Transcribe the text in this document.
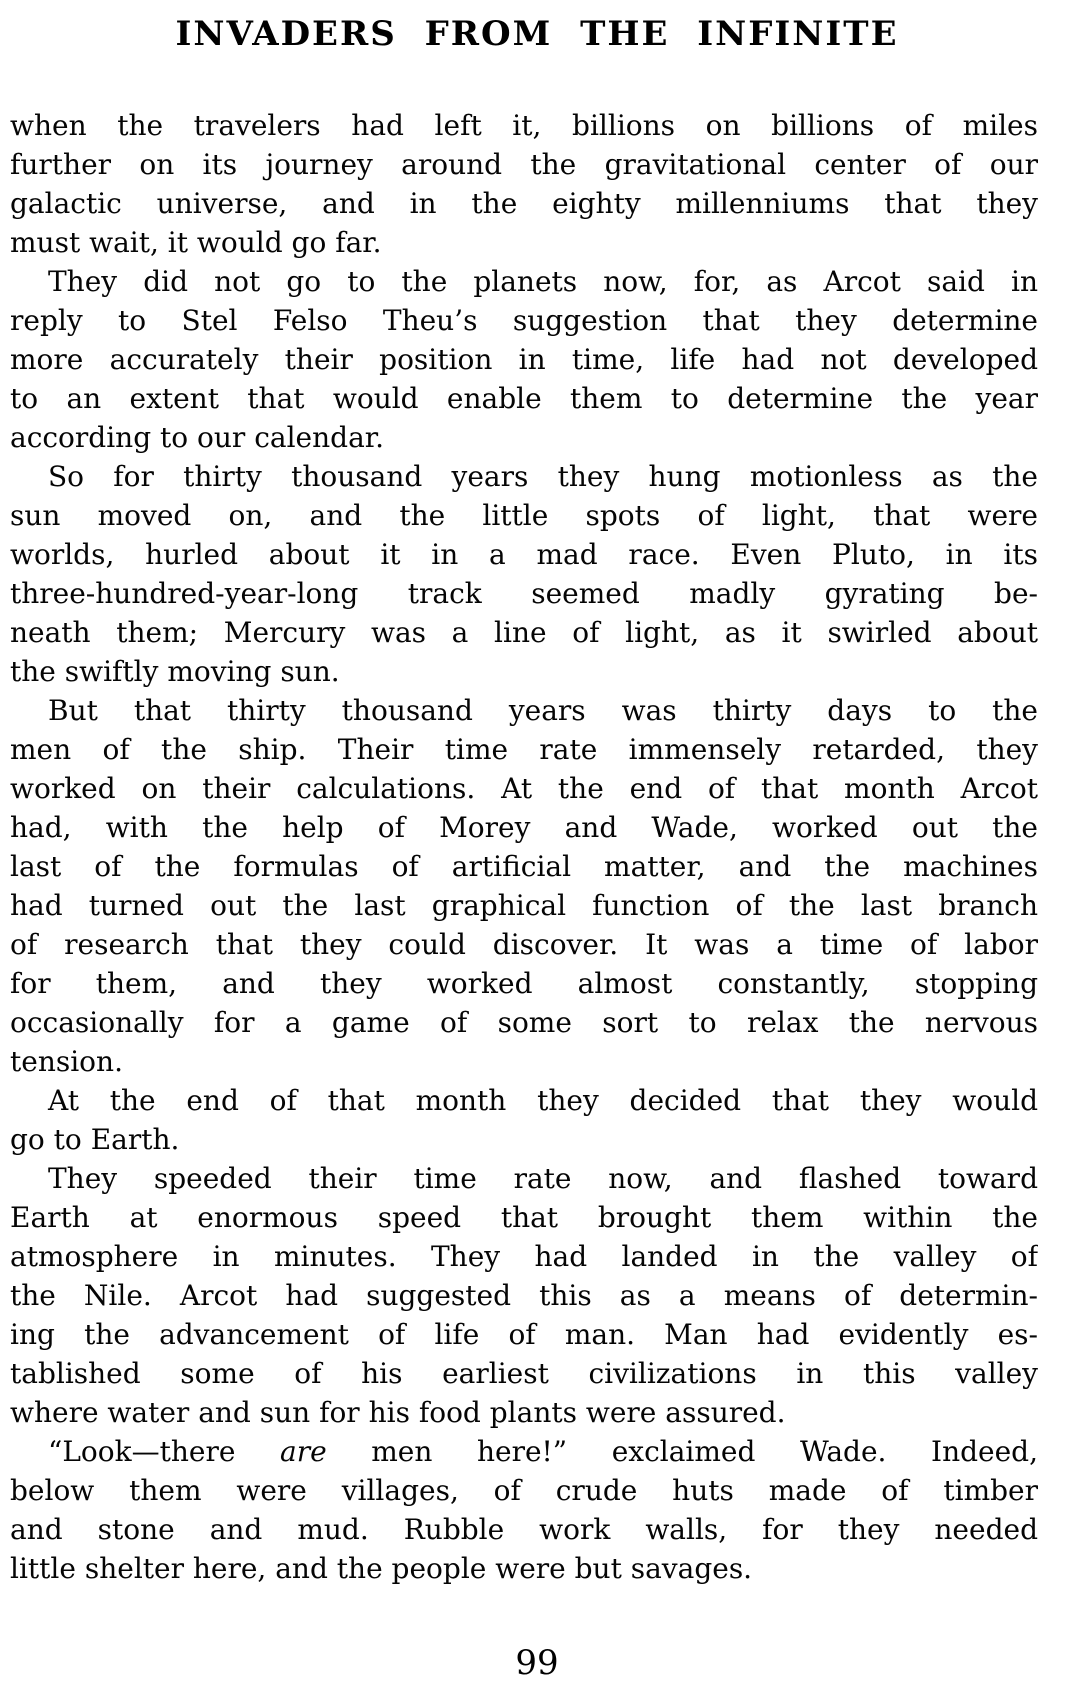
INVADERS FROM THE INFINITE
when the travelers had left it, billions on billions of miles
further on its journey around the gravitational center of our
galactic universe, and in the eighty millenniums that they
must wait, it would go far.
They did not go to the planets now, for, as Arcot said in
reply to Stel Felso Theu’s suggestion that they determine
more accurately their position in time, life had not developed
to an extent that would enable them to determine the year
according to our calendar.
So for thirty thousand years they hung motionless as the
sun moved on, and the little spots of light, that were
worlds, hurled about it in a mad race. Even Pluto, in its
three-hundred-year-long track seemed madly gyrating be-
neath them; Mercury was a line of light, as it swirled about
the swiftly moving sun.
But that thirty thousand years was thirty days to the
men of the ship. Their time rate immensely retarded, they
worked on their calculations. At the end of that month Arcot
had, with the help of Morey and Wade, worked out the
last of the formulas of artificial matter, and the machines
had turned out the last graphical function of the last branch
of research that they could discover. It was a time of labor
for them, and they worked almost constantly, stopping
occasionally for a game of some sort to relax the nervous
tension.
At the end of that month they decided that they would
go to Earth.
They speeded their time rate now, and flashed toward
Earth at enormous speed that brought them within the
atmosphere in minutes. They had landed in the valley of
the Nile. Arcot had suggested this as a means of determin-
ing the advancement of life of man. Man had evidently es-
tablished some of his earliest civilizations in this valley
where water and sun for his food plants were assured.
“Look—there are men here!” exclaimed Wade. Indeed,
below them were villages, of crude huts made of timber
and stone and mud. Rubble work walls, for they needed
little shelter here, and the people were but savages.
99
